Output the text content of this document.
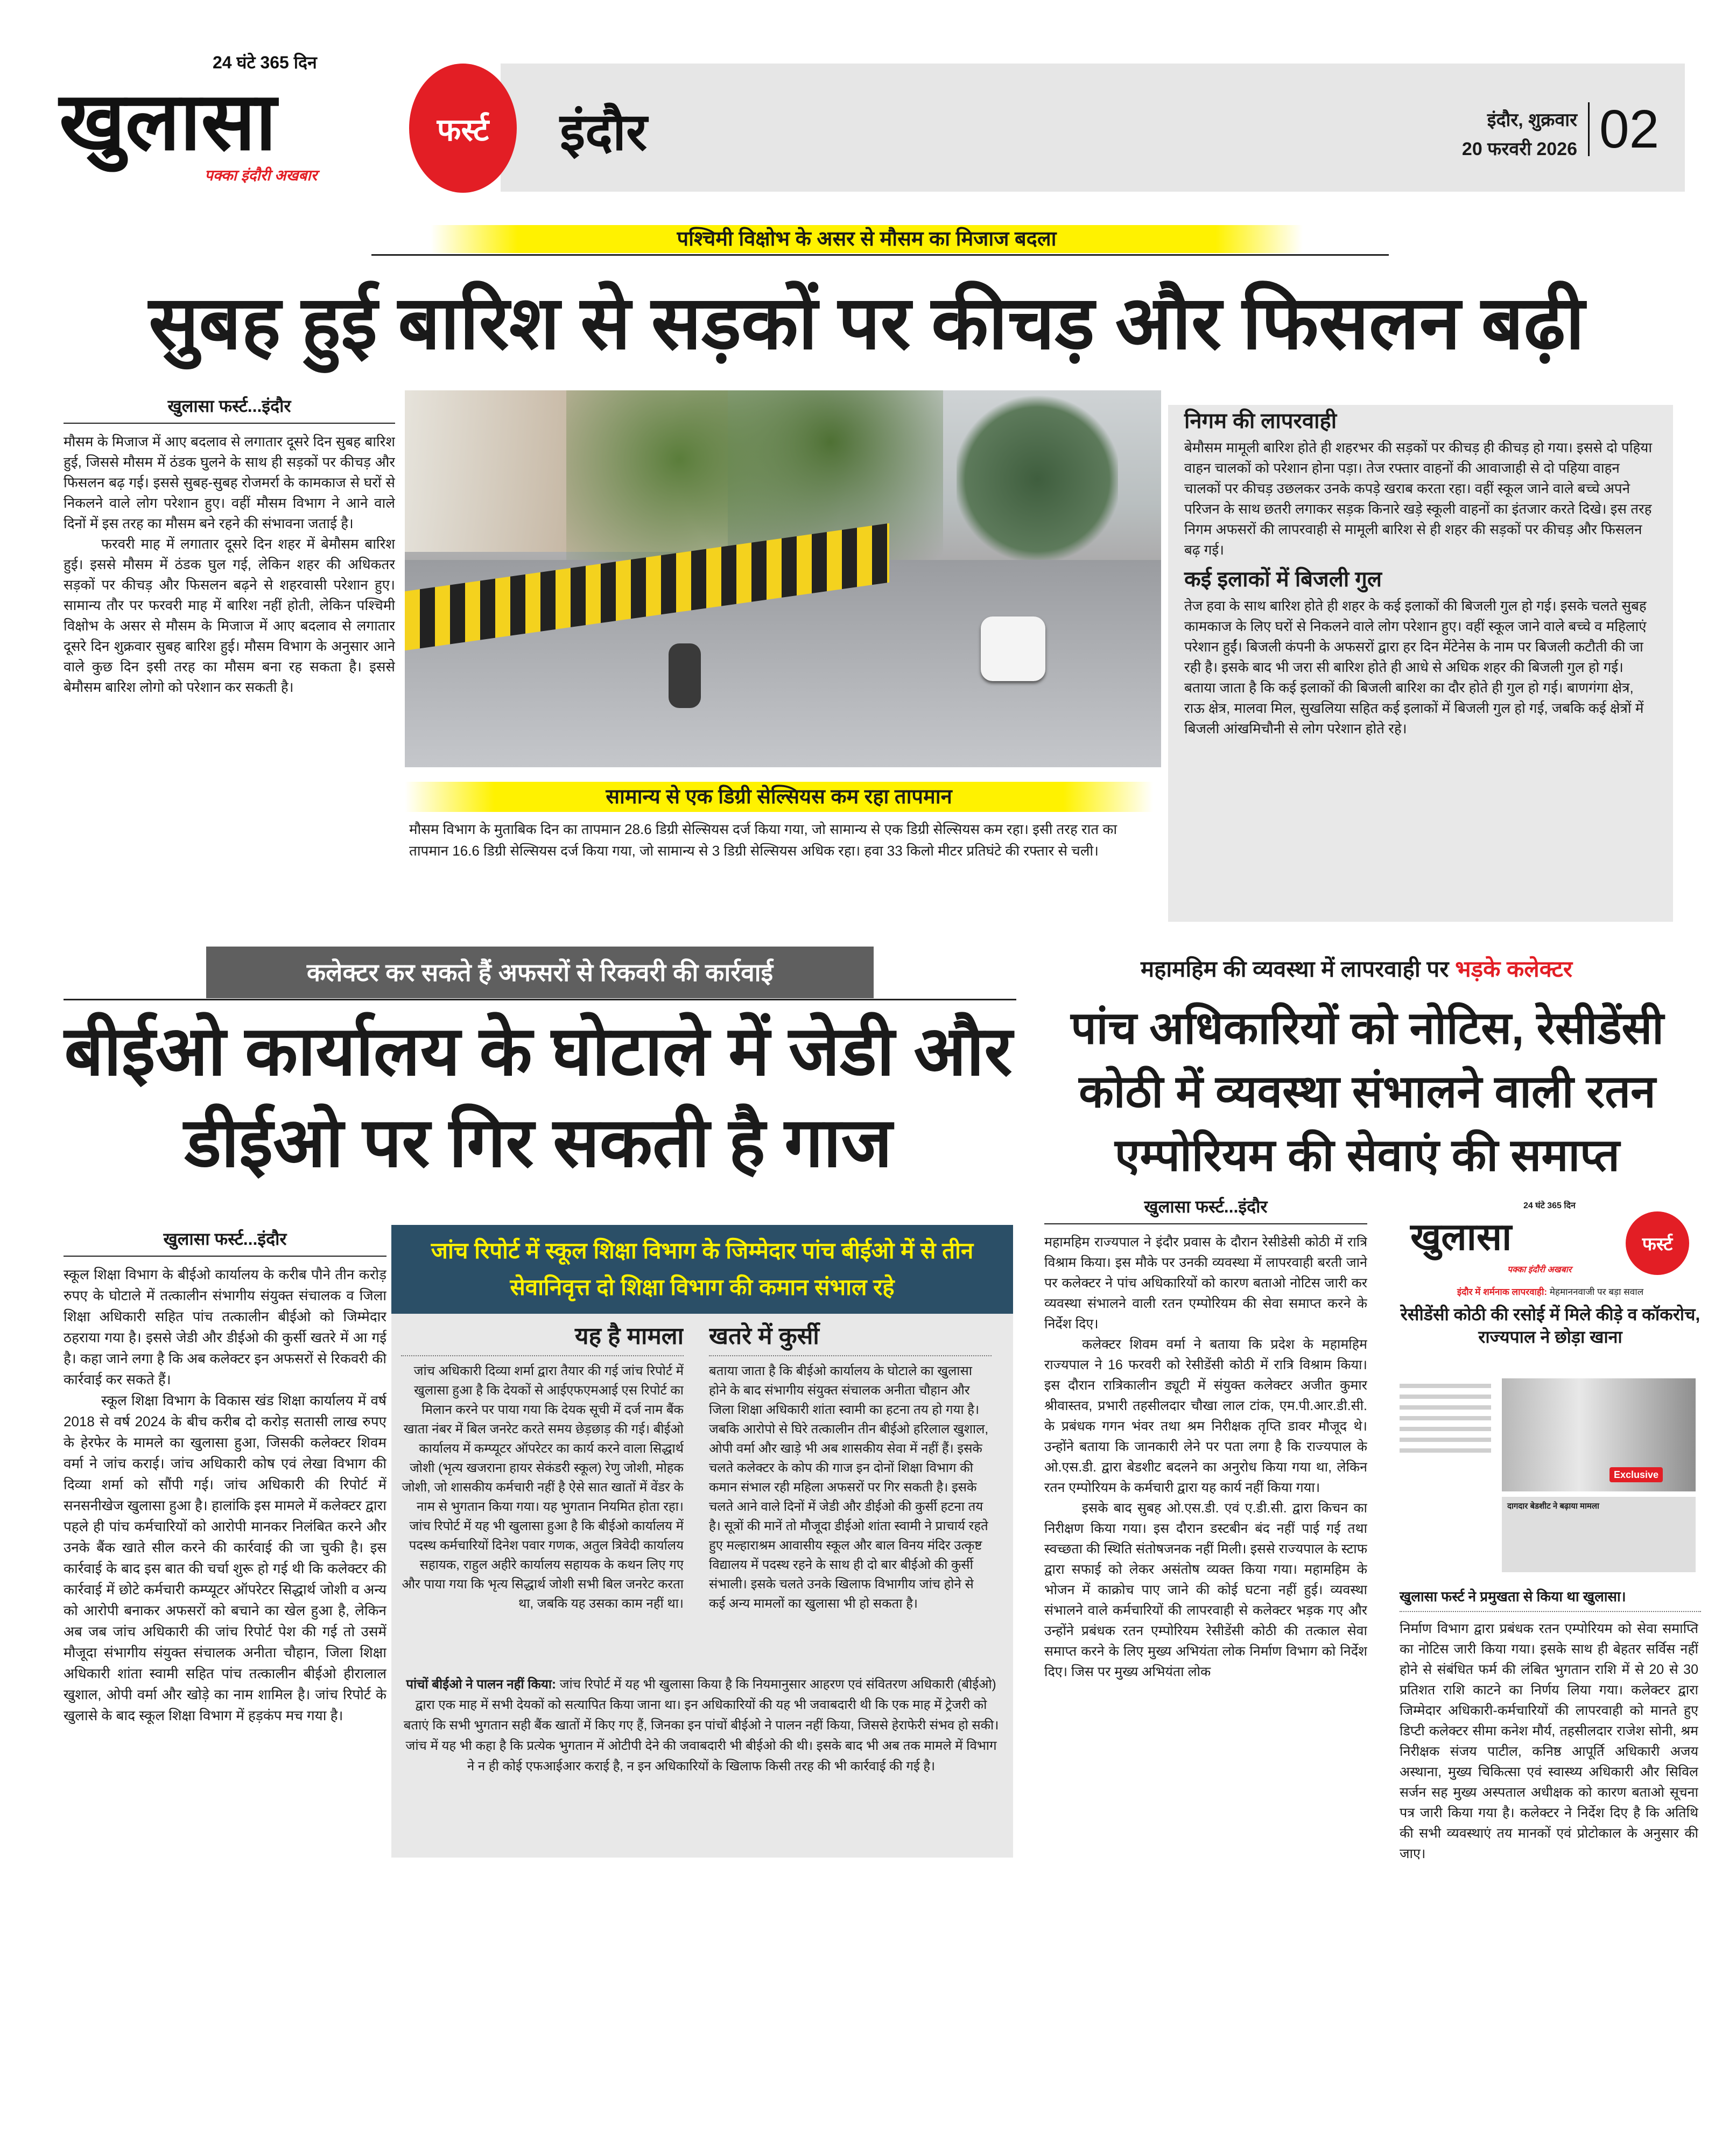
24 घंटे 365 दिन
खुलासा
पक्का इंदौरी अखबार
फर्स्ट इंदौर	इंदौर, शुक्रवार
20 फरवरी 2026 02
पश्चिमी विक्षोभ के असर से मौसम का मिजाज बदला
सुबह हुई बारिश से सड़कों पर कीचड़ और फिसलन बढ़ी
खुलासा फर्स्ट...इंदौर

मौसम के मिजाज में आए बदलाव से लगातार दूसरे दिन सुबह बारिश हुई, जिससे मौसम में ठंडक घुलने के साथ ही सड़कों पर कीचड़ और फिसलन बढ़ गई। इससे सुबह-सुबह रोजमर्रा के कामकाज से घरों से निकलने वाले लोग परेशान हुए। वहीं मौसम विभाग ने आने वाले दिनों में इस तरह का मौसम बने रहने की संभावना जताई है।

फरवरी माह में लगातार दूसरे दिन शहर में बेमौसम बारिश हुई। इससे मौसम में ठंडक घुल गई, लेकिन शहर की अधिकतर सड़कों पर कीचड़ और फिसलन बढ़ने से शहरवासी परेशान हुए। सामान्य तौर पर फरवरी माह में बारिश नहीं होती, लेकिन पश्चिमी विक्षोभ के असर से मौसम के मिजाज में आए बदलाव से लगातार दूसरे दिन शुक्रवार सुबह बारिश हुई। मौसम विभाग के अनुसार आने वाले कुछ दिन इसी तरह का मौसम बना रह सकता है। इससे बेमौसम बारिश लोगो को परेशान कर सकती है।

सामान्य से एक डिग्री सेल्सियस कम रहा तापमान
मौसम विभाग के मुताबिक दिन का तापमान 28.6 डिग्री सेल्सियस दर्ज किया गया, जो सामान्य से एक डिग्री सेल्सियस कम रहा। इसी तरह रात का तापमान 16.6 डिग्री सेल्सियस दर्ज किया गया, जो सामान्य से 3 डिग्री सेल्सियस अधिक रहा। हवा 33 किलो मीटर प्रतिघंटे की रफ्तार से चली।
निगम की लापरवाही
बेमौसम मामूली बारिश होते ही शहरभर की सड़कों पर कीचड़ ही कीचड़ हो गया। इससे दो पहिया वाहन चालकों को परेशान होना पड़ा। तेज रफ्तार वाहनों की आवाजाही से दो पहिया वाहन चालकों पर कीचड़ उछलकर उनके कपड़े खराब करता रहा। वहीं स्कूल जाने वाले बच्चे अपने परिजन के साथ छतरी लगाकर सड़क किनारे खड़े स्कूली वाहनों का इंतजार करते दिखे। इस तरह निगम अफसरों की लापरवाही से मामूली बारिश से ही शहर की सड़कों पर कीचड़ और फिसलन बढ़ गई।
कई इलाकों में बिजली गुल
तेज हवा के साथ बारिश होते ही शहर के कई इलाकों की बिजली गुल हो गई। इसके चलते सुबह कामकाज के लिए घरों से निकलने वाले लोग परेशान हुए। वहीं स्कूल जाने वाले बच्चे व महिलाएं परेशान हुईं। बिजली कंपनी के अफसरों द्वारा हर दिन मेंटेनेस के नाम पर बिजली कटौती की जा रही है। इसके बाद भी जरा सी बारिश होते ही आधे से अधिक शहर की बिजली गुल हो गई। बताया जाता है कि कई इलाकों की बिजली बारिश का दौर होते ही गुल हो गई। बाणगंगा क्षेत्र, राऊ क्षेत्र, मालवा मिल, सुखलिया सहित कई इलाकों में बिजली गुल हो गई, जबकि कई क्षेत्रों में बिजली आंखमिचौनी से लोग परेशान होते रहे।
कलेक्टर कर सकते हैं अफसरों से रिकवरी की कार्रवाई
बीईओ कार्यालय के घोटाले में जेडी और डीईओ पर गिर सकती है गाज
खुलासा फर्स्ट...इंदौर

स्कूल शिक्षा विभाग के बीईओ कार्यालय के करीब पौने तीन करोड़ रुपए के घोटाले में तत्कालीन संभागीय संयुक्त संचालक व जिला शिक्षा अधिकारी सहित पांच तत्कालीन बीईओ को जिम्मेदार ठहराया गया है। इससे जेडी और डीईओ की कुर्सी खतरे में आ गई है। कहा जाने लगा है कि अब कलेक्टर इन अफसरों से रिकवरी की कार्रवाई कर सकते हैं।

स्कूल शिक्षा विभाग के विकास खंड शिक्षा कार्यालय में वर्ष 2018 से वर्ष 2024 के बीच करीब दो करोड़ सतासी लाख रुपए के हेरफेर के मामले का खुलासा हुआ, जिसकी कलेक्टर शिवम वर्मा ने जांच कराई। जांच अधिकारी कोष एवं लेखा विभाग की दिव्या शर्मा को सौंपी गई। जांच अधिकारी की रिपोर्ट में सनसनीखेज खुलासा हुआ है। हालांकि इस मामले में कलेक्टर द्वारा पहले ही पांच कर्मचारियों को आरोपी मानकर निलंबित करने और उनके बैंक खाते सील करने की कार्रवाई की जा चुकी है। इस कार्रवाई के बाद इस बात की चर्चा शुरू हो गई थी कि कलेक्टर की कार्रवाई में छोटे कर्मचारी कम्प्यूटर ऑपरेटर सिद्धार्थ जोशी व अन्य को आरोपी बनाकर अफसरों को बचाने का खेल हुआ है, लेकिन अब जब जांच अधिकारी की जांच रिपोर्ट पेश की गई तो उसमें मौजूदा संभागीय संयुक्त संचालक अनीता चौहान, जिला शिक्षा अधिकारी शांता स्वामी सहित पांच तत्कालीन बीईओ हीरालाल खुशाल, ओपी वर्मा और खोड़े का नाम शामिल है। जांच रिपोर्ट के खुलासे के बाद स्कूल शिक्षा विभाग में हड़कंप मच गया है।

जांच रिपोर्ट में स्कूल शिक्षा विभाग के जिम्मेदार पांच बीईओ में से तीन सेवानिवृत्त दो शिक्षा विभाग की कमान संभाल रहे
यह है मामला
जांच अधिकारी दिव्या शर्मा द्वारा तैयार की गई जांच रिपोर्ट में खुलासा हुआ है कि देयकों से आईएफएमआई एस रिपोर्ट का मिलान करने पर पाया गया कि देयक सूची में दर्ज नाम बैंक खाता नंबर में बिल जनरेट करते समय छेड़छाड़ की गई। बीईओ कार्यालय में कम्प्यूटर ऑपरेटर का कार्य करने वाला सिद्धार्थ जोशी (भृत्य खजराना हायर सेकंडरी स्कूल) रेणु जोशी, मोहक जोशी, जो शासकीय कर्मचारी नहीं है ऐसे सात खातों में वेंडर के नाम से भुगतान किया गया। यह भुगतान नियमित होता रहा। जांच रिपोर्ट में यह भी खुलासा हुआ है कि बीईओ कार्यालय में पदस्थ कर्मचारियों दिनेश पवार गणक, अतुल त्रिवेदी कार्यालय सहायक, राहुल अहीरे कार्यालय सहायक के कथन लिए गए और पाया गया कि भृत्य सिद्धार्थ जोशी सभी बिल जनरेट करता था, जबकि यह उसका काम नहीं था।
खतरे में कुर्सी
बताया जाता है कि बीईओ कार्यालय के घोटाले का खुलासा होने के बाद संभागीय संयुक्त संचालक अनीता चौहान और जिला शिक्षा अधिकारी शांता स्वामी का हटना तय हो गया है। जबकि आरोपो से घिरे तत्कालीन तीन बीईओ हरिलाल खुशाल, ओपी वर्मा और खाड़े भी अब शासकीय सेवा में नहीं हैं। इसके चलते कलेक्टर के कोप की गाज इन दोनों शिक्षा विभाग की कमान संभाल रही महिला अफसरों पर गिर सकती है। इसके चलते आने वाले दिनों में जेडी और डीईओ की कुर्सी हटना तय है। सूत्रों की मानें तो मौजूदा डीईओ शांता स्वामी ने प्राचार्य रहते हुए मल्हाराश्रम आवासीय स्कूल और बाल विनय मंदिर उत्कृष्ट विद्यालय में पदस्थ रहने के साथ ही दो बार बीईओ की कुर्सी संभाली। इसके चलते उनके खिलाफ विभागीय जांच होने से कई अन्य मामलों का खुलासा भी हो सकता है।
पांचों बीईओ ने पालन नहीं किया: जांच रिपोर्ट में यह भी खुलासा किया है कि नियमानुसार आहरण एवं संवितरण अधिकारी (बीईओ) द्वारा एक माह में सभी देयकों को सत्यापित किया जाना था। इन अधिकारियों की यह भी जवाबदारी थी कि एक माह में ट्रेजरी को बताएं कि सभी भुगतान सही बैंक खातों में किए गए हैं, जिनका इन पांचों बीईओ ने पालन नहीं किया, जिससे हेराफेरी संभव हो सकी। जांच में यह भी कहा है कि प्रत्येक भुगतान में ओटीपी देने की जवाबदारी भी बीईओ की थी। इसके बाद भी अब तक मामले में विभाग ने न ही कोई एफआईआर कराई है, न इन अधिकारियों के खिलाफ किसी तरह की भी कार्रवाई की गई है।
महामहिम की व्यवस्था में लापरवाही पर भड़के कलेक्टर
पांच अधिकारियों को नोटिस, रेसीडेंसी कोठी में व्यवस्था संभालने वाली रतन एम्पोरियम की सेवाएं की समाप्त
खुलासा फर्स्ट...इंदौर

महामहिम राज्यपाल ने इंदौर प्रवास के दौरान रेसीडेसी कोठी में रात्रि विश्राम किया। इस मौके पर उनकी व्यवस्था में लापरवाही बरती जाने पर कलेक्टर ने पांच अधिकारियों को कारण बताओ नोटिस जारी कर व्यवस्था संभालने वाली रतन एम्पोरियम की सेवा समाप्त करने के निर्देश दिए।

कलेक्टर शिवम वर्मा ने बताया कि प्रदेश के महामहिम राज्यपाल ने 16 फरवरी को रेसीडेंसी कोठी में रात्रि विश्राम किया। इस दौरान रात्रिकालीन ड्यूटी में संयुक्त कलेक्टर अजीत कुमार श्रीवास्तव, प्रभारी तहसीलदार चौखा लाल टांक, एम.पी.आर.डी.सी. के प्रबंधक गगन भंवर तथा श्रम निरीक्षक तृप्ति डावर मौजूद थे। उन्होंने बताया कि जानकारी लेने पर पता लगा है कि राज्यपाल के ओ.एस.डी. द्वारा बेडशीट बदलने का अनुरोध किया गया था, लेकिन रतन एम्पोरियम के कर्मचारी द्वारा यह कार्य नहीं किया गया।

इसके बाद सुबह ओ.एस.डी. एवं ए.डी.सी. द्वारा किचन का निरीक्षण किया गया। इस दौरान डस्टबीन बंद नहीं पाई गई तथा स्वच्छता की स्थिति संतोषजनक नहीं मिली। इससे राज्यपाल के स्टाफ द्वारा सफाई को लेकर असंतोष व्यक्त किया गया। महामहिम के भोजन में काक्रोच पाए जाने की कोई घटना नहीं हुई। व्यवस्था संभालने वाले कर्मचारियों की लापरवाही से कलेक्टर भड़क गए और उन्होंने प्रबंधक रतन एम्पोरियम रेसीडेंसी कोठी की तत्काल सेवा समाप्त करने के लिए मुख्य अभियंता लोक निर्माण विभाग को निर्देश दिए। जिस पर मुख्य अभियंता लोक

24 घंटे 365 दिन
खुलासा	फर्स्ट
पक्का इंदौरी अखबार
इंदौर में शर्मनाक लापरवाही: मेहमाननवाजी पर बड़ा सवाल
रेसीडेंसी कोठी की रसोई में मिले कीड़े व कॉकरोच, राज्यपाल ने छोड़ा खाना
Exclusive
दागदार बेडशीट ने बढ़ाया मामला
खुलासा फर्स्ट ने प्रमुखता से किया था खुलासा।

निर्माण विभाग द्वारा प्रबंधक रतन एम्पोरियम को सेवा समाप्ति का नोटिस जारी किया गया। इसके साथ ही बेहतर सर्विस नहीं होने से संबंधित फर्म की लंबित भुगतान राशि में से 20 से 30 प्रतिशत राशि काटने का निर्णय लिया गया। कलेक्टर द्वारा जिम्मेदार अधिकारी-कर्मचारियों की लापरवाही को मानते हुए डिप्टी कलेक्टर सीमा कनेश मौर्य, तहसीलदार राजेश सोनी, श्रम निरीक्षक संजय पाटील, कनिष्ठ आपूर्ति अधिकारी अजय अस्थाना, मुख्य चिकित्सा एवं स्वास्थ्य अधिकारी और सिविल सर्जन सह मुख्य अस्पताल अधीक्षक को कारण बताओ सूचना पत्र जारी किया गया है। कलेक्टर ने निर्देश दिए है कि अतिथि की सभी व्यवस्थाएं तय मानकों एवं प्रोटोकाल के अनुसार की जाए।
